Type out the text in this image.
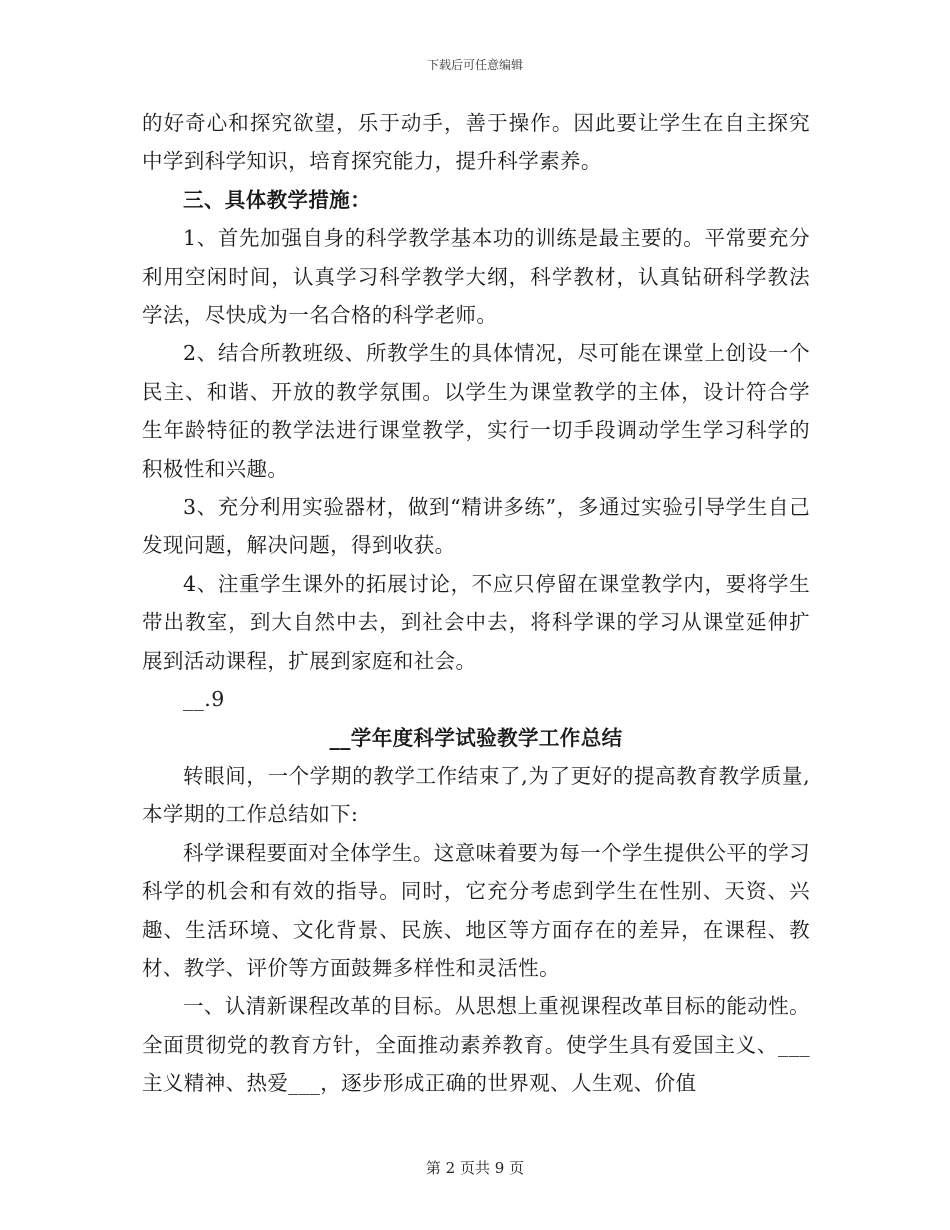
下载后可任意编辑

的好奇心和探究欲望，乐于动手，善于操作。因此要让学生在自主探究中学到科学知识，培育探究能力，提升科学素养。

三、具体教学措施：

1、首先加强自身的科学教学基本功的训练是最主要的。平常要充分利用空闲时间，认真学习科学教学大纲，科学教材，认真钻研科学教法学法，尽快成为一名合格的科学老师。

2、结合所教班级、所教学生的具体情况，尽可能在课堂上创设一个民主、和谐、开放的教学氛围。以学生为课堂教学的主体，设计符合学生年龄特征的教学法进行课堂教学，实行一切手段调动学生学习科学的积极性和兴趣。

3、充分利用实验器材，做到“精讲多练”，多通过实验引导学生自己发现问题，解决问题，得到收获。

4、注重学生课外的拓展讨论，不应只停留在课堂教学内，要将学生带出教室，到大自然中去，到社会中去，将科学课的学习从课堂延伸扩展到活动课程，扩展到家庭和社会。

__.9

__学年度科学试验教学工作总结

转眼间，一个学期的教学工作结束了,为了更好的提高教育教学质量,本学期的工作总结如下:

科学课程要面对全体学生。这意味着要为每一个学生提供公平的学习科学的机会和有效的指导。同时，它充分考虑到学生在性别、天资、兴趣、生活环境、文化背景、民族、地区等方面存在的差异，在课程、教材、教学、评价等方面鼓舞多样性和灵活性。

一、认清新课程改革的目标。从思想上重视课程改革目标的能动性。全面贯彻党的教育方针，全面推动素养教育。使学生具有爱国主义、___主义精神、热爱___，逐步形成正确的世界观、人生观、价值

第 2 页共 9 页
